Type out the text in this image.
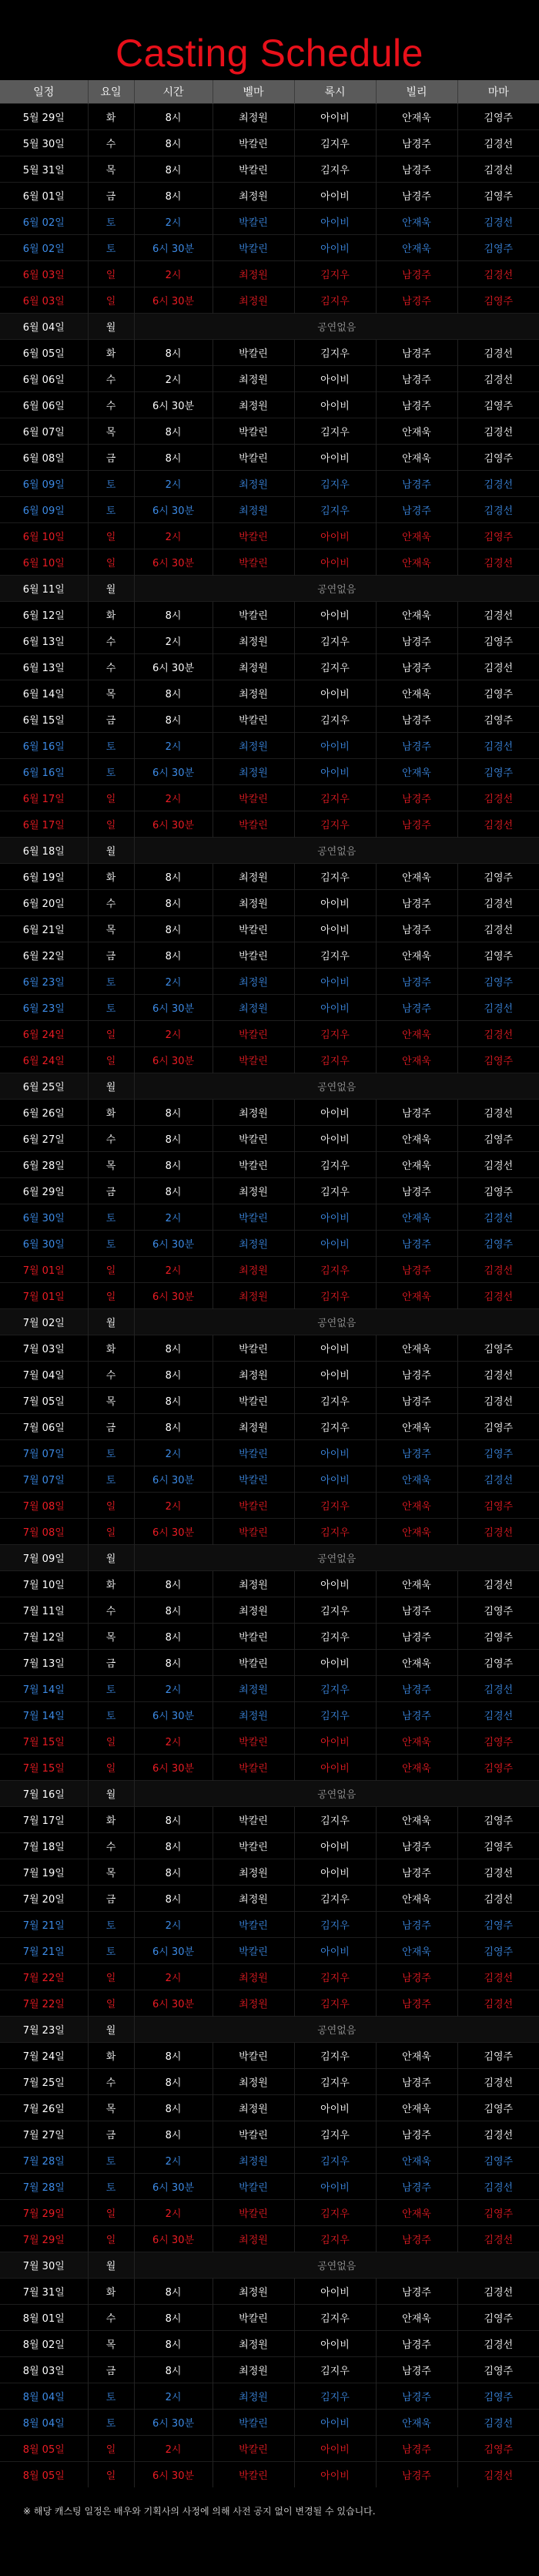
Casting Schedule
일정	요일	시간	벨마	록시	빌리	마마
5월 29일	화	8시	최정원	아이비	안재욱	김영주
5월 30일	수	8시	박칼린	김지우	남경주	김경선
5월 31일	목	8시	박칼린	김지우	남경주	김경선
6월 01일	금	8시	최정원	아이비	남경주	김영주
6월 02일	토	2시	박칼린	아이비	안재욱	김경선
6월 02일	토	6시 30분	박칼린	아이비	안재욱	김영주
6월 03일	일	2시	최정원	김지우	남경주	김경선
6월 03일	일	6시 30분	최정원	김지우	남경주	김영주
6월 04일	월	공연없음				
6월 05일	화	8시	박칼린	김지우	남경주	김경선
6월 06일	수	2시	최정원	아이비	남경주	김경선
6월 06일	수	6시 30분	최정원	아이비	남경주	김영주
6월 07일	목	8시	박칼린	김지우	안재욱	김경선
6월 08일	금	8시	박칼린	아이비	안재욱	김영주
6월 09일	토	2시	최정원	김지우	남경주	김경선
6월 09일	토	6시 30분	최정원	김지우	남경주	김경선
6월 10일	일	2시	박칼린	아이비	안재욱	김영주
6월 10일	일	6시 30분	박칼린	아이비	안재욱	김경선
6월 11일	월	공연없음				
6월 12일	화	8시	박칼린	아이비	안재욱	김경선
6월 13일	수	2시	최정원	김지우	남경주	김영주
6월 13일	수	6시 30분	최정원	김지우	남경주	김경선
6월 14일	목	8시	최정원	아이비	안재욱	김영주
6월 15일	금	8시	박칼린	김지우	남경주	김영주
6월 16일	토	2시	최정원	아이비	남경주	김경선
6월 16일	토	6시 30분	최정원	아이비	안재욱	김영주
6월 17일	일	2시	박칼린	김지우	남경주	김경선
6월 17일	일	6시 30분	박칼린	김지우	남경주	김경선
6월 18일	월	공연없음				
6월 19일	화	8시	최정원	김지우	안재욱	김영주
6월 20일	수	8시	최정원	아이비	남경주	김경선
6월 21일	목	8시	박칼린	아이비	남경주	김경선
6월 22일	금	8시	박칼린	김지우	안재욱	김영주
6월 23일	토	2시	최정원	아이비	남경주	김영주
6월 23일	토	6시 30분	최정원	아이비	남경주	김경선
6월 24일	일	2시	박칼린	김지우	안재욱	김경선
6월 24일	일	6시 30분	박칼린	김지우	안재욱	김영주
6월 25일	월	공연없음				
6월 26일	화	8시	최정원	아이비	남경주	김경선
6월 27일	수	8시	박칼린	아이비	안재욱	김영주
6월 28일	목	8시	박칼린	김지우	안재욱	김경선
6월 29일	금	8시	최정원	김지우	남경주	김영주
6월 30일	토	2시	박칼린	아이비	안재욱	김경선
6월 30일	토	6시 30분	최정원	아이비	남경주	김영주
7월 01일	일	2시	최정원	김지우	남경주	김경선
7월 01일	일	6시 30분	최정원	김지우	안재욱	김경선
7월 02일	월	공연없음				
7월 03일	화	8시	박칼린	아이비	안재욱	김영주
7월 04일	수	8시	최정원	아이비	남경주	김경선
7월 05일	목	8시	박칼린	김지우	남경주	김경선
7월 06일	금	8시	최정원	김지우	안재욱	김영주
7월 07일	토	2시	박칼린	아이비	남경주	김영주
7월 07일	토	6시 30분	박칼린	아이비	안재욱	김경선
7월 08일	일	2시	박칼린	김지우	안재욱	김영주
7월 08일	일	6시 30분	박칼린	김지우	안재욱	김경선
7월 09일	월	공연없음				
7월 10일	화	8시	최정원	아이비	안재욱	김경선
7월 11일	수	8시	최정원	김지우	남경주	김영주
7월 12일	목	8시	박칼린	김지우	남경주	김영주
7월 13일	금	8시	박칼린	아이비	안재욱	김영주
7월 14일	토	2시	최정원	김지우	남경주	김경선
7월 14일	토	6시 30분	최정원	김지우	남경주	김경선
7월 15일	일	2시	박칼린	아이비	안재욱	김영주
7월 15일	일	6시 30분	박칼린	아이비	안재욱	김영주
7월 16일	월	공연없음				
7월 17일	화	8시	박칼린	김지우	안재욱	김영주
7월 18일	수	8시	박칼린	아이비	남경주	김영주
7월 19일	목	8시	최정원	아이비	남경주	김경선
7월 20일	금	8시	최정원	김지우	안재욱	김경선
7월 21일	토	2시	박칼린	김지우	남경주	김영주
7월 21일	토	6시 30분	박칼린	아이비	안재욱	김영주
7월 22일	일	2시	최정원	김지우	남경주	김경선
7월 22일	일	6시 30분	최정원	김지우	남경주	김경선
7월 23일	월	공연없음				
7월 24일	화	8시	박칼린	김지우	안재욱	김영주
7월 25일	수	8시	최정원	김지우	남경주	김경선
7월 26일	목	8시	최정원	아이비	안재욱	김영주
7월 27일	금	8시	박칼린	김지우	남경주	김경선
7월 28일	토	2시	최정원	김지우	안재욱	김영주
7월 28일	토	6시 30분	박칼린	아이비	남경주	김경선
7월 29일	일	2시	박칼린	김지우	안재욱	김영주
7월 29일	일	6시 30분	최정원	김지우	남경주	김경선
7월 30일	월	공연없음				
7월 31일	화	8시	최정원	아이비	남경주	김경선
8월 01일	수	8시	박칼린	김지우	안재욱	김영주
8월 02일	목	8시	최정원	아이비	남경주	김경선
8월 03일	금	8시	최정원	김지우	남경주	김영주
8월 04일	토	2시	최정원	김지우	남경주	김영주
8월 04일	토	6시 30분	박칼린	아이비	안재욱	김경선
8월 05일	일	2시	박칼린	아이비	남경주	김영주
8월 05일	일	6시 30분	박칼린	아이비	남경주	김경선
※ 해당 캐스팅 일정은 배우와 기획사의 사정에 의해 사전 공지 없이 변경될 수 있습니다.
